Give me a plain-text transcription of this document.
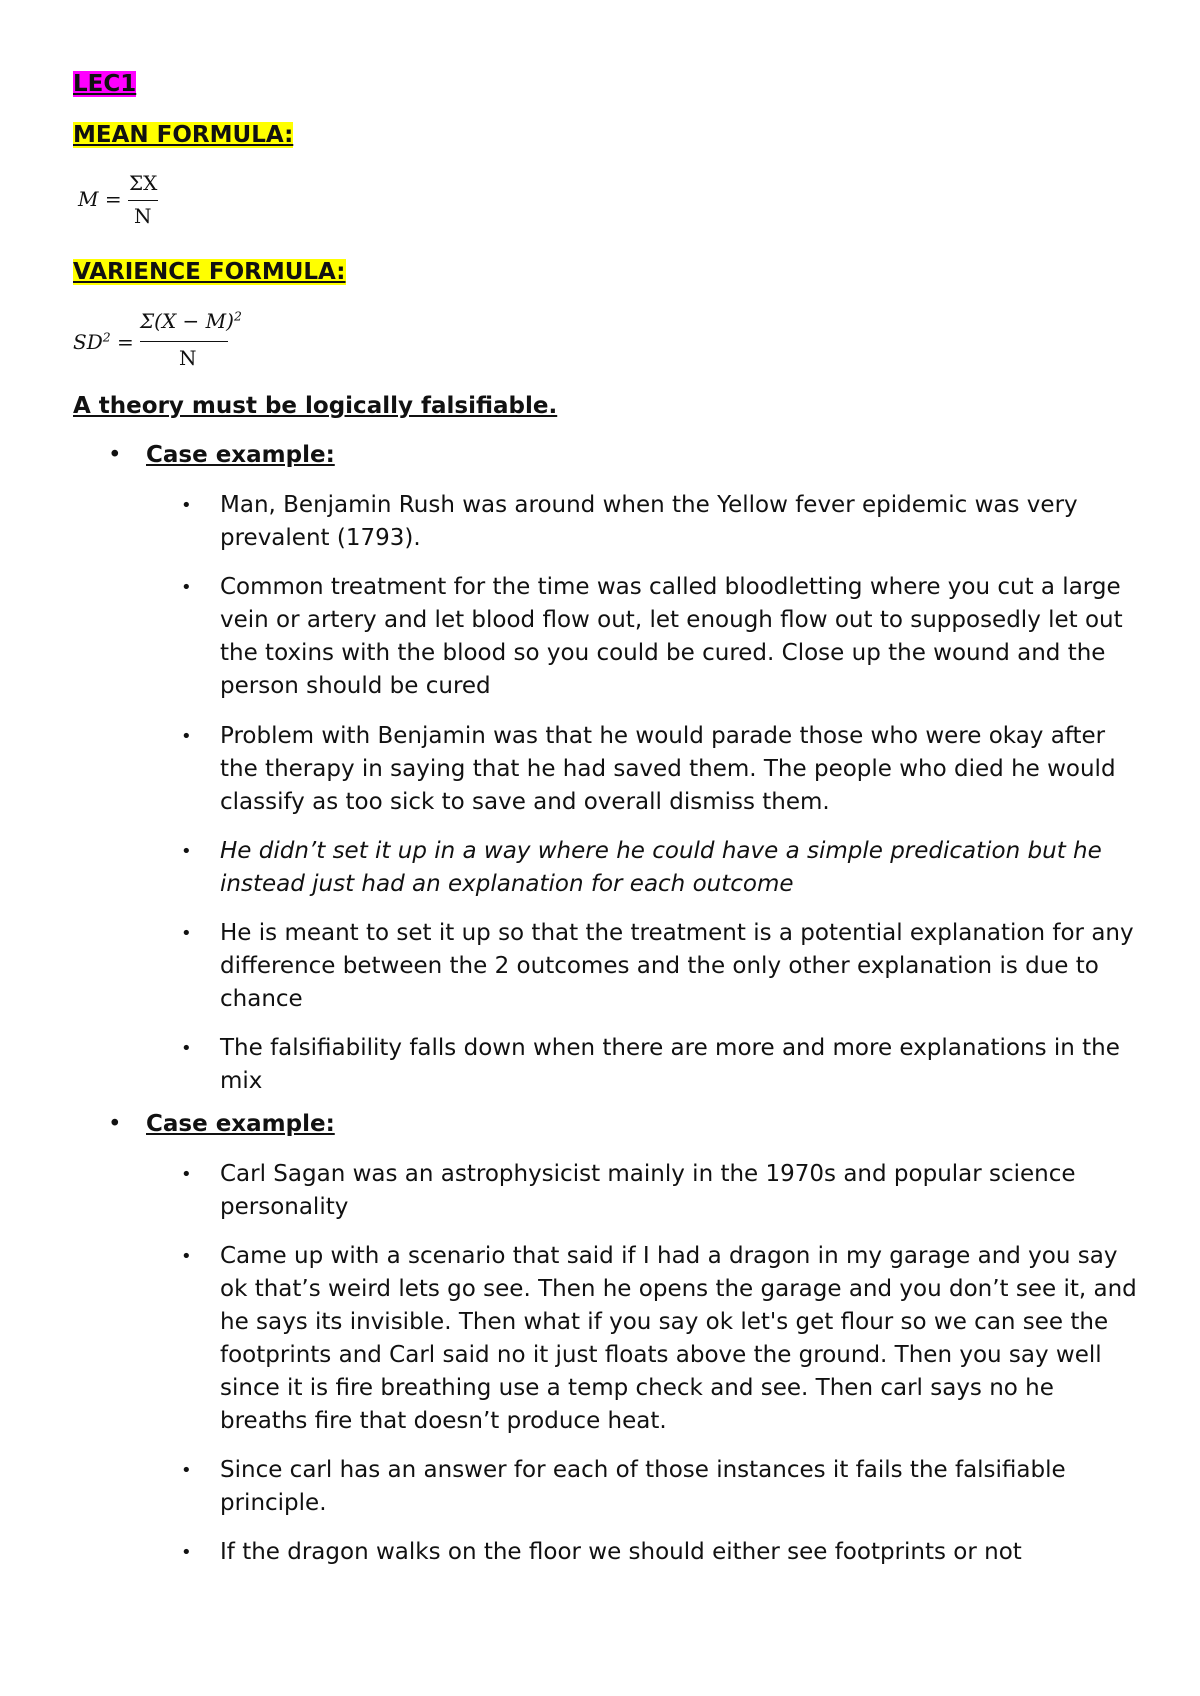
LEC1
MEAN FORMULA:
M =
ΣX
N
VARIENCE FORMULA:
$SD^2$ =
$\Sigma(X - M)^2$
N
A theory must be logically falsifiable.
• Case example:
• Man, Benjamin Rush was around when the Yellow fever epidemic was very prevalent (1793).
• Common treatment for the time was called bloodletting where you cut a large vein or artery and let blood flow out, let enough flow out to supposedly let out the toxins with the blood so you could be cured. Close up the wound and the person should be cured
• Problem with Benjamin was that he would parade those who were okay after the therapy in saying that he had saved them. The people who died he would classify as too sick to save and overall dismiss them.
• He didn’t set it up in a way where he could have a simple predication but he instead just had an explanation for each outcome
• He is meant to set it up so that the treatment is a potential explanation for any difference between the 2 outcomes and the only other explanation is due to chance
• The falsifiability falls down when there are more and more explanations in the mix
• Case example:
• Carl Sagan was an astrophysicist mainly in the 1970s and popular science personality
• Came up with a scenario that said if I had a dragon in my garage and you say ok that’s weird lets go see. Then he opens the garage and you don’t see it, and he says its invisible. Then what if you say ok let's get flour so we can see the footprints and Carl said no it just floats above the ground. Then you say well since it is fire breathing use a temp check and see. Then carl says no he breaths fire that doesn’t produce heat.
• Since carl has an answer for each of those instances it fails the falsifiable principle.
• If the dragon walks on the floor we should either see footprints or not
